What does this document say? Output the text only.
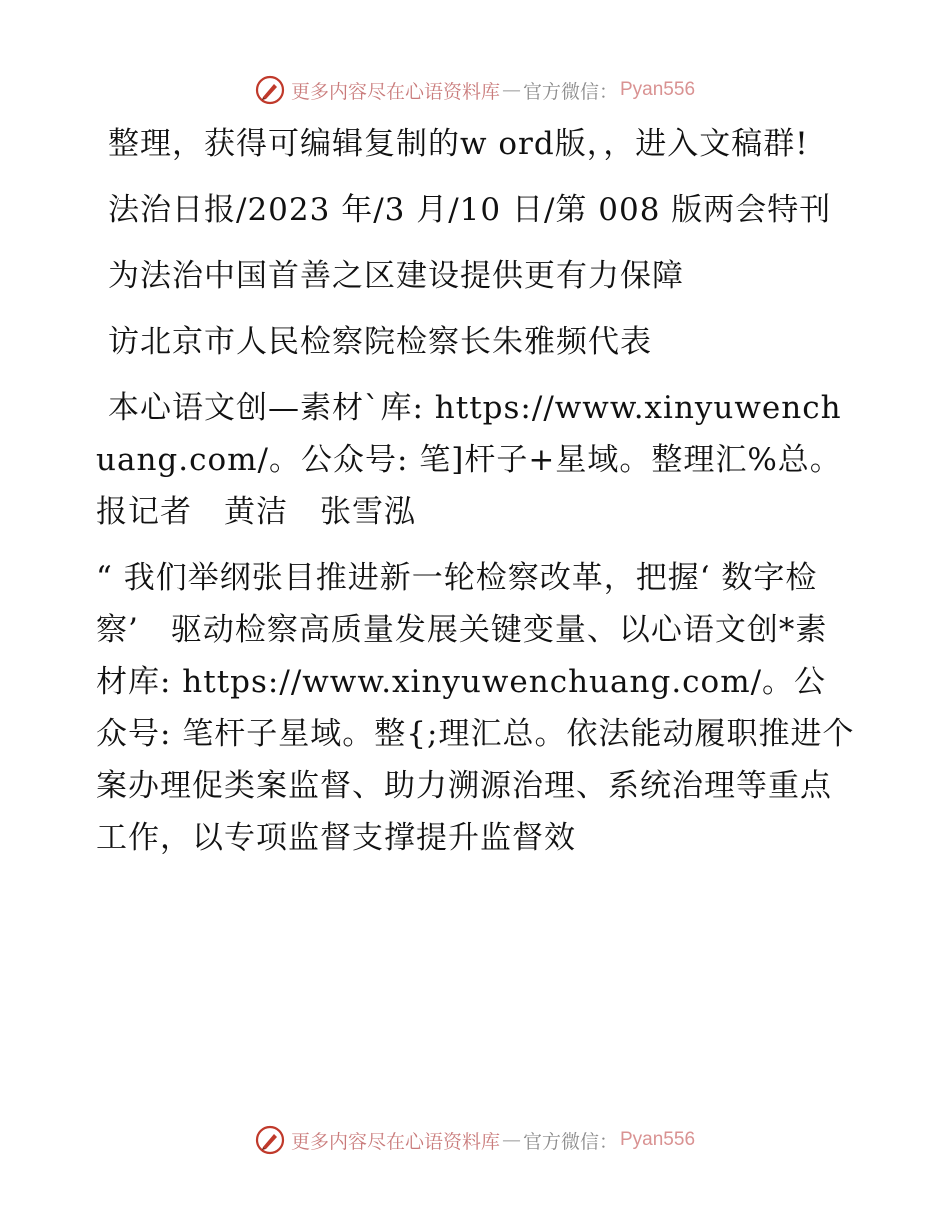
更多内容尽在心语资料库 — 官方微信： Pyan556

整理，获得可编辑复制的w ord版，，进入文稿群!

法治日报/2023 年/3 月/10 日/第 008 版两会特刊

为法治中国首善之区建设提供更有力保障

访北京市人民检察院检察长朱雅频代表

本心语文创—素材`库: https://www.xinyuwenchuang.com/。公众号: 笔]杆子+星域。整理汇%总。报记者　黄洁　张雪泓

“ 我们举纲张目推进新一轮检察改革，把握‘ 数字检察’　驱动检察高质量发展关键变量、以心语文创*素材库: https://www.xinyuwenchuang.com/。公众号: 笔杆子星域。整{;理汇总。依法能动履职推进个案办理促类案监督、助力溯源治理、系统治理等重点工作，以专项监督支撑提升监督效

更多内容尽在心语资料库 — 官方微信： Pyan556
